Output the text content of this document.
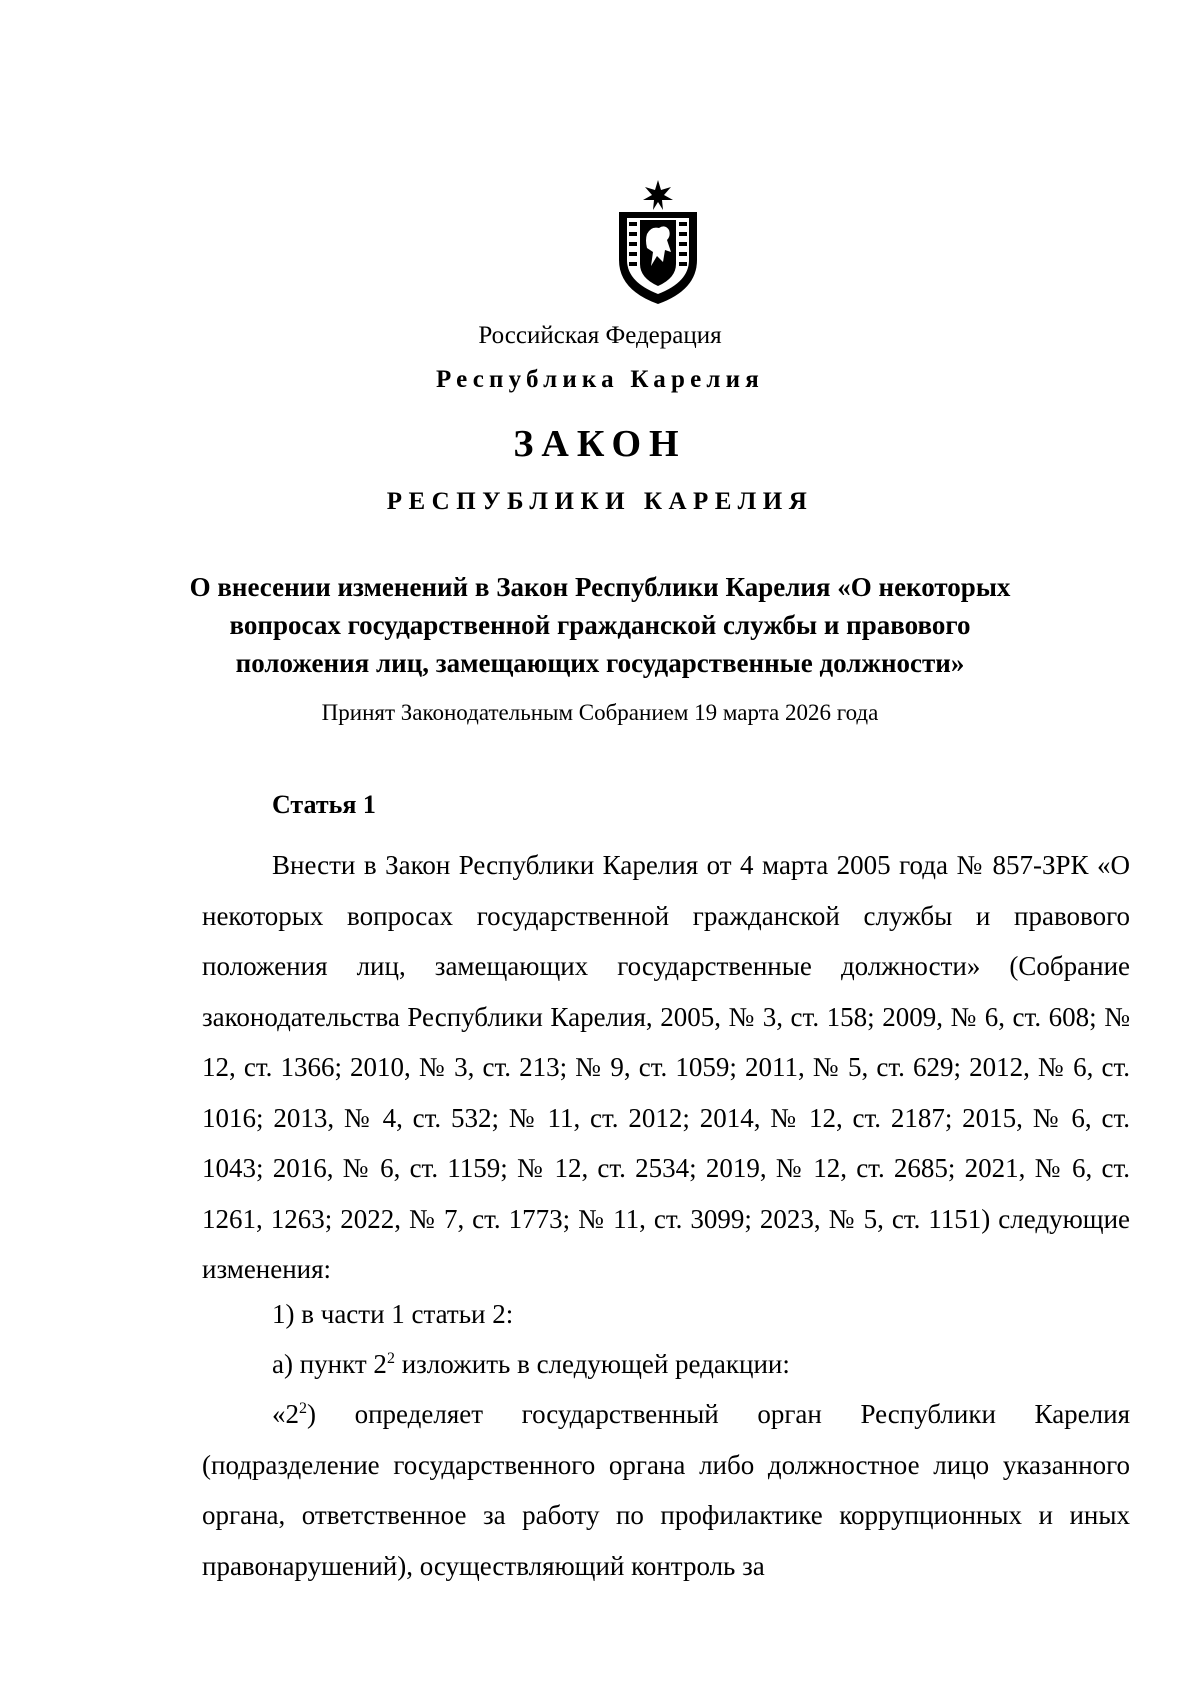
Российская Федерация
Республика Карелия
ЗАКОН
РЕСПУБЛИКИ КАРЕЛИЯ
О внесении изменений в Закон Республики Карелия «О некоторых вопросах государственной гражданской службы и правового положения лиц, замещающих государственные должности»
Принят Законодательным Собранием 19 марта 2026 года
Статья 1
Внести в Закон Республики Карелия от 4 марта 2005 года № 857-ЗРК «О некоторых вопросах государственной гражданской службы и правового положения лиц, замещающих государственные должности» (Собрание законодательства Республики Карелия, 2005, № 3, ст. 158; 2009, № 6, ст. 608; № 12, ст. 1366; 2010, № 3, ст. 213; № 9, ст. 1059; 2011, № 5, ст. 629; 2012, № 6, ст. 1016; 2013, № 4, ст. 532; № 11, ст. 2012; 2014, № 12, ст. 2187; 2015, № 6, ст. 1043; 2016, № 6, ст. 1159; № 12, ст. 2534; 2019, № 12, ст. 2685; 2021, № 6, ст. 1261, 1263; 2022, № 7, ст. 1773; № 11, ст. 3099; 2023, № 5, ст. 1151) следующие изменения:
1) в части 1 статьи 2:
а) пункт $2^2$ изложить в следующей редакции:
«$2^2$) определяет государственный орган Республики Карелия (подразделение государственного органа либо должностное лицо указанного органа, ответственное за работу по профилактике коррупционных и иных правонарушений), осуществляющий контроль за
